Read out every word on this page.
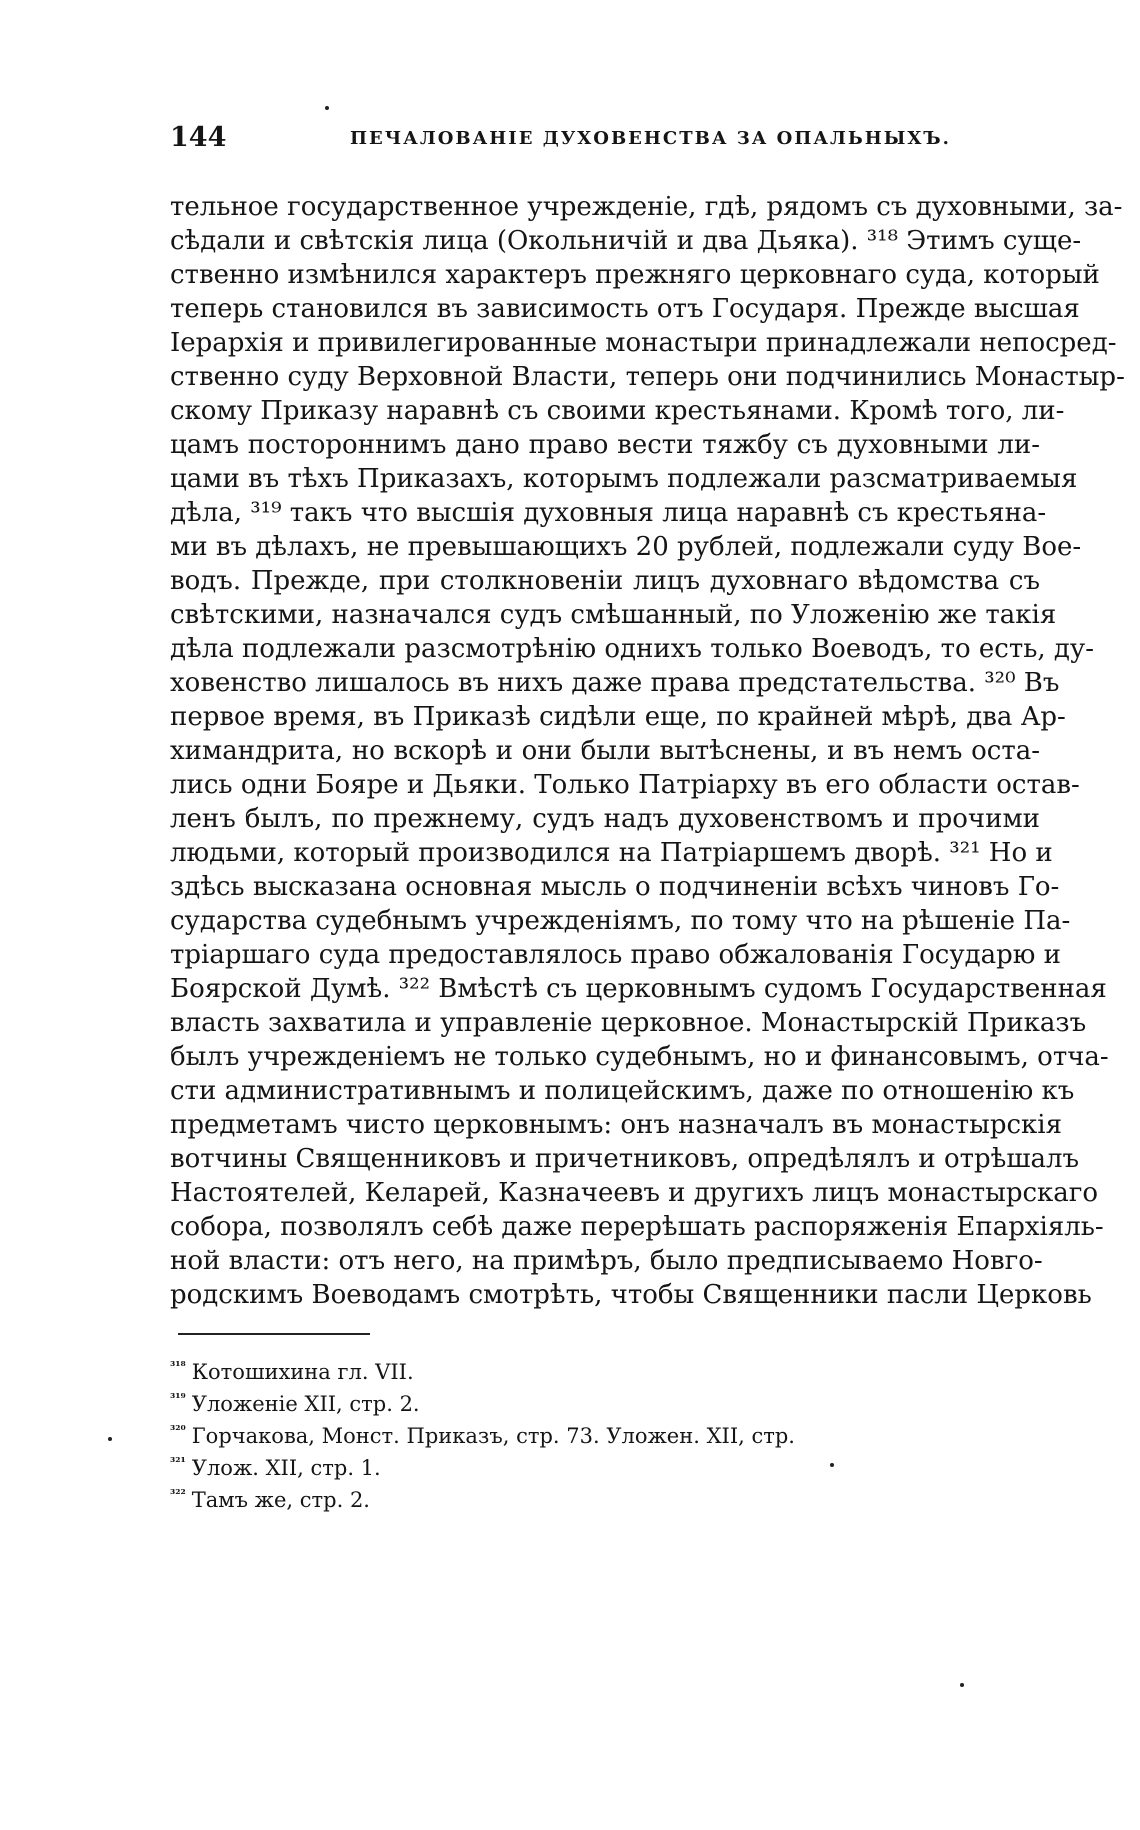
144	ПЕЧАЛОВАНІЕ ДУХОВЕНСТВА ЗА ОПАЛЬНЫХЪ.
тельное государственное учрежденіе, гдѣ, рядомъ съ духовными, за-
сѣдали и свѣтскія лица (Окольничій и два Дьяка). ³¹⁸ Этимъ суще-
ственно измѣнился характеръ прежняго церковнаго суда, который
теперь становился въ зависимость отъ Государя. Прежде высшая
Іерархія и привилегированные монастыри принадлежали непосред-
ственно суду Верховной Власти, теперь они подчинились Монастыр-
скому Приказу наравнѣ съ своими крестьянами. Кромѣ того, ли-
цамъ постороннимъ дано право вести тяжбу съ духовными ли-
цами въ тѣхъ Приказахъ, которымъ подлежали разсматриваемыя
дѣла, ³¹⁹ такъ что высшія духовныя лица наравнѣ съ крестьяна-
ми въ дѣлахъ, не превышающихъ 20 рублей, подлежали суду Вое-
водъ. Прежде, при столкновеніи лицъ духовнаго вѣдомства съ
свѣтскими, назначался судъ смѣшанный, по Уложенію же такія
дѣла подлежали разсмотрѣнію однихъ только Воеводъ, то есть, ду-
ховенство лишалось въ нихъ даже права предстательства. ³²⁰ Въ
первое время, въ Приказѣ сидѣли еще, по крайней мѣрѣ, два Ар-
химандрита, но вскорѣ и они были вытѣснены, и въ немъ оста-
лись одни Бояре и Дьяки. Только Патріарху въ его области остав-
ленъ былъ, по прежнему, судъ надъ духовенствомъ и прочими
людьми, который производился на Патріаршемъ дворѣ. ³²¹ Но и
здѣсь высказана основная мысль о подчиненіи всѣхъ чиновъ Го-
сударства судебнымъ учрежденіямъ, по тому что на рѣшеніе Па-
тріаршаго суда предоставлялось право обжалованія Государю и
Боярской Думѣ. ³²² Вмѣстѣ съ церковнымъ судомъ Государственная
власть захватила и управленіе церковное. Монастырскій Приказъ
былъ учрежденіемъ не только судебнымъ, но и финансовымъ, отча-
сти административнымъ и полицейскимъ, даже по отношенію къ
предметамъ чисто церковнымъ: онъ назначалъ въ монастырскія
вотчины Священниковъ и причетниковъ, опредѣлялъ и отрѣшалъ
Настоятелей, Келарей, Казначеевъ и другихъ лицъ монастырскаго
собора, позволялъ себѣ даже перерѣшать распоряженія Епархіяль-
ной власти: отъ него, на примѣръ, было предписываемо Новго-
родскимъ Воеводамъ смотрѣть, чтобы Священники пасли Церковь
$^{^{318}}$ Котошихина гл. VII.
$^{^{319}}$ Уложеніе XII, стр. 2.
$^{^{320}}$ Горчакова, Монст. Приказъ, стр. 73. Уложен. XII, стр.
$^{^{321}}$ Улож. XII, стр. 1.
$^{^{322}}$ Тамъ же, стр. 2.
